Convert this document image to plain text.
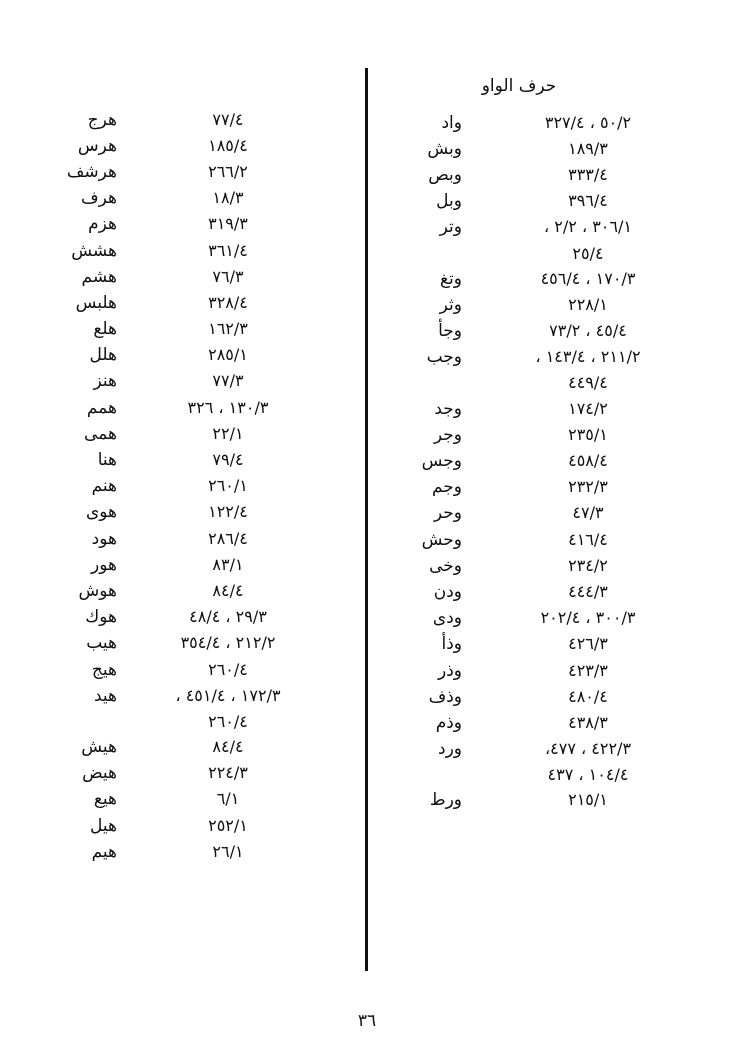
٧٧/٤	هرج
١٨٥/٤	هرس
٢٦٦/٢	هرشف
١٨/٣	هرف
٣١٩/٣	هزم
٣٦١/٤	هشش
٧٦/٣	هشم
٣٢٨/٤	هلبس
١٦٢/٣	هلع
٢٨٥/١	هلل
٧٧/٣	هنز
١٣٠/٣ ، ٣٢٦	همم
٢٢/١	همى
٧٩/٤	هنا
٢٦٠/١	هنم
١٢٢/٤	هوى
٢٨٦/٤	هود
٨٣/١	هور
٨٤/٤	هوش
٢٩/٣ ، ٤٨/٤	هوك
٢١٢/٢ ، ٣٥٤/٤	هيب
٢٦٠/٤	هيج
١٧٢/٣ ، ٤٥١/٤ ،	هيد
٢٦٠/٤	
٨٤/٤	هيش
٢٢٤/٣	هيض
٦/١	هيع
٢٥٢/١	هيل
٢٦/١	هيم
حرف الواو
٥٠/٢ ، ٣٢٧/٤	واد
١٨٩/٣	وبش
٣٣٣/٤	وبص
٣٩٦/٤	وبل
٣٠٦/١ ، ٢/٢ ،	وتر
٢٥/٤	
١٧٠/٣ ، ٤٥٦/٤	وتغ
٢٢٨/١	وثر
٤٥/٤ ، ٧٣/٢	وجأ
٢١١/٢ ، ١٤٣/٤ ،	وجب
٤٤٩/٤	
١٧٤/٢	وجد
٢٣٥/١	وجر
٤٥٨/٤	وجس
٢٣٢/٣	وجم
٤٧/٣	وحر
٤١٦/٤	وحش
٢٣٤/٢	وخى
٤٤٤/٣	ودن
٣٠٠/٣ ، ٢٠٢/٤	ودى
٤٢٦/٣	وذأ
٤٢٣/٣	وذر
٤٨٠/٤	وذف
٤٣٨/٣	وذم
٤٢٢/٣ ، ٤٧٧،	ورد
١٠٤/٤ ، ٤٣٧	
٢١٥/١	ورط
٣٦
